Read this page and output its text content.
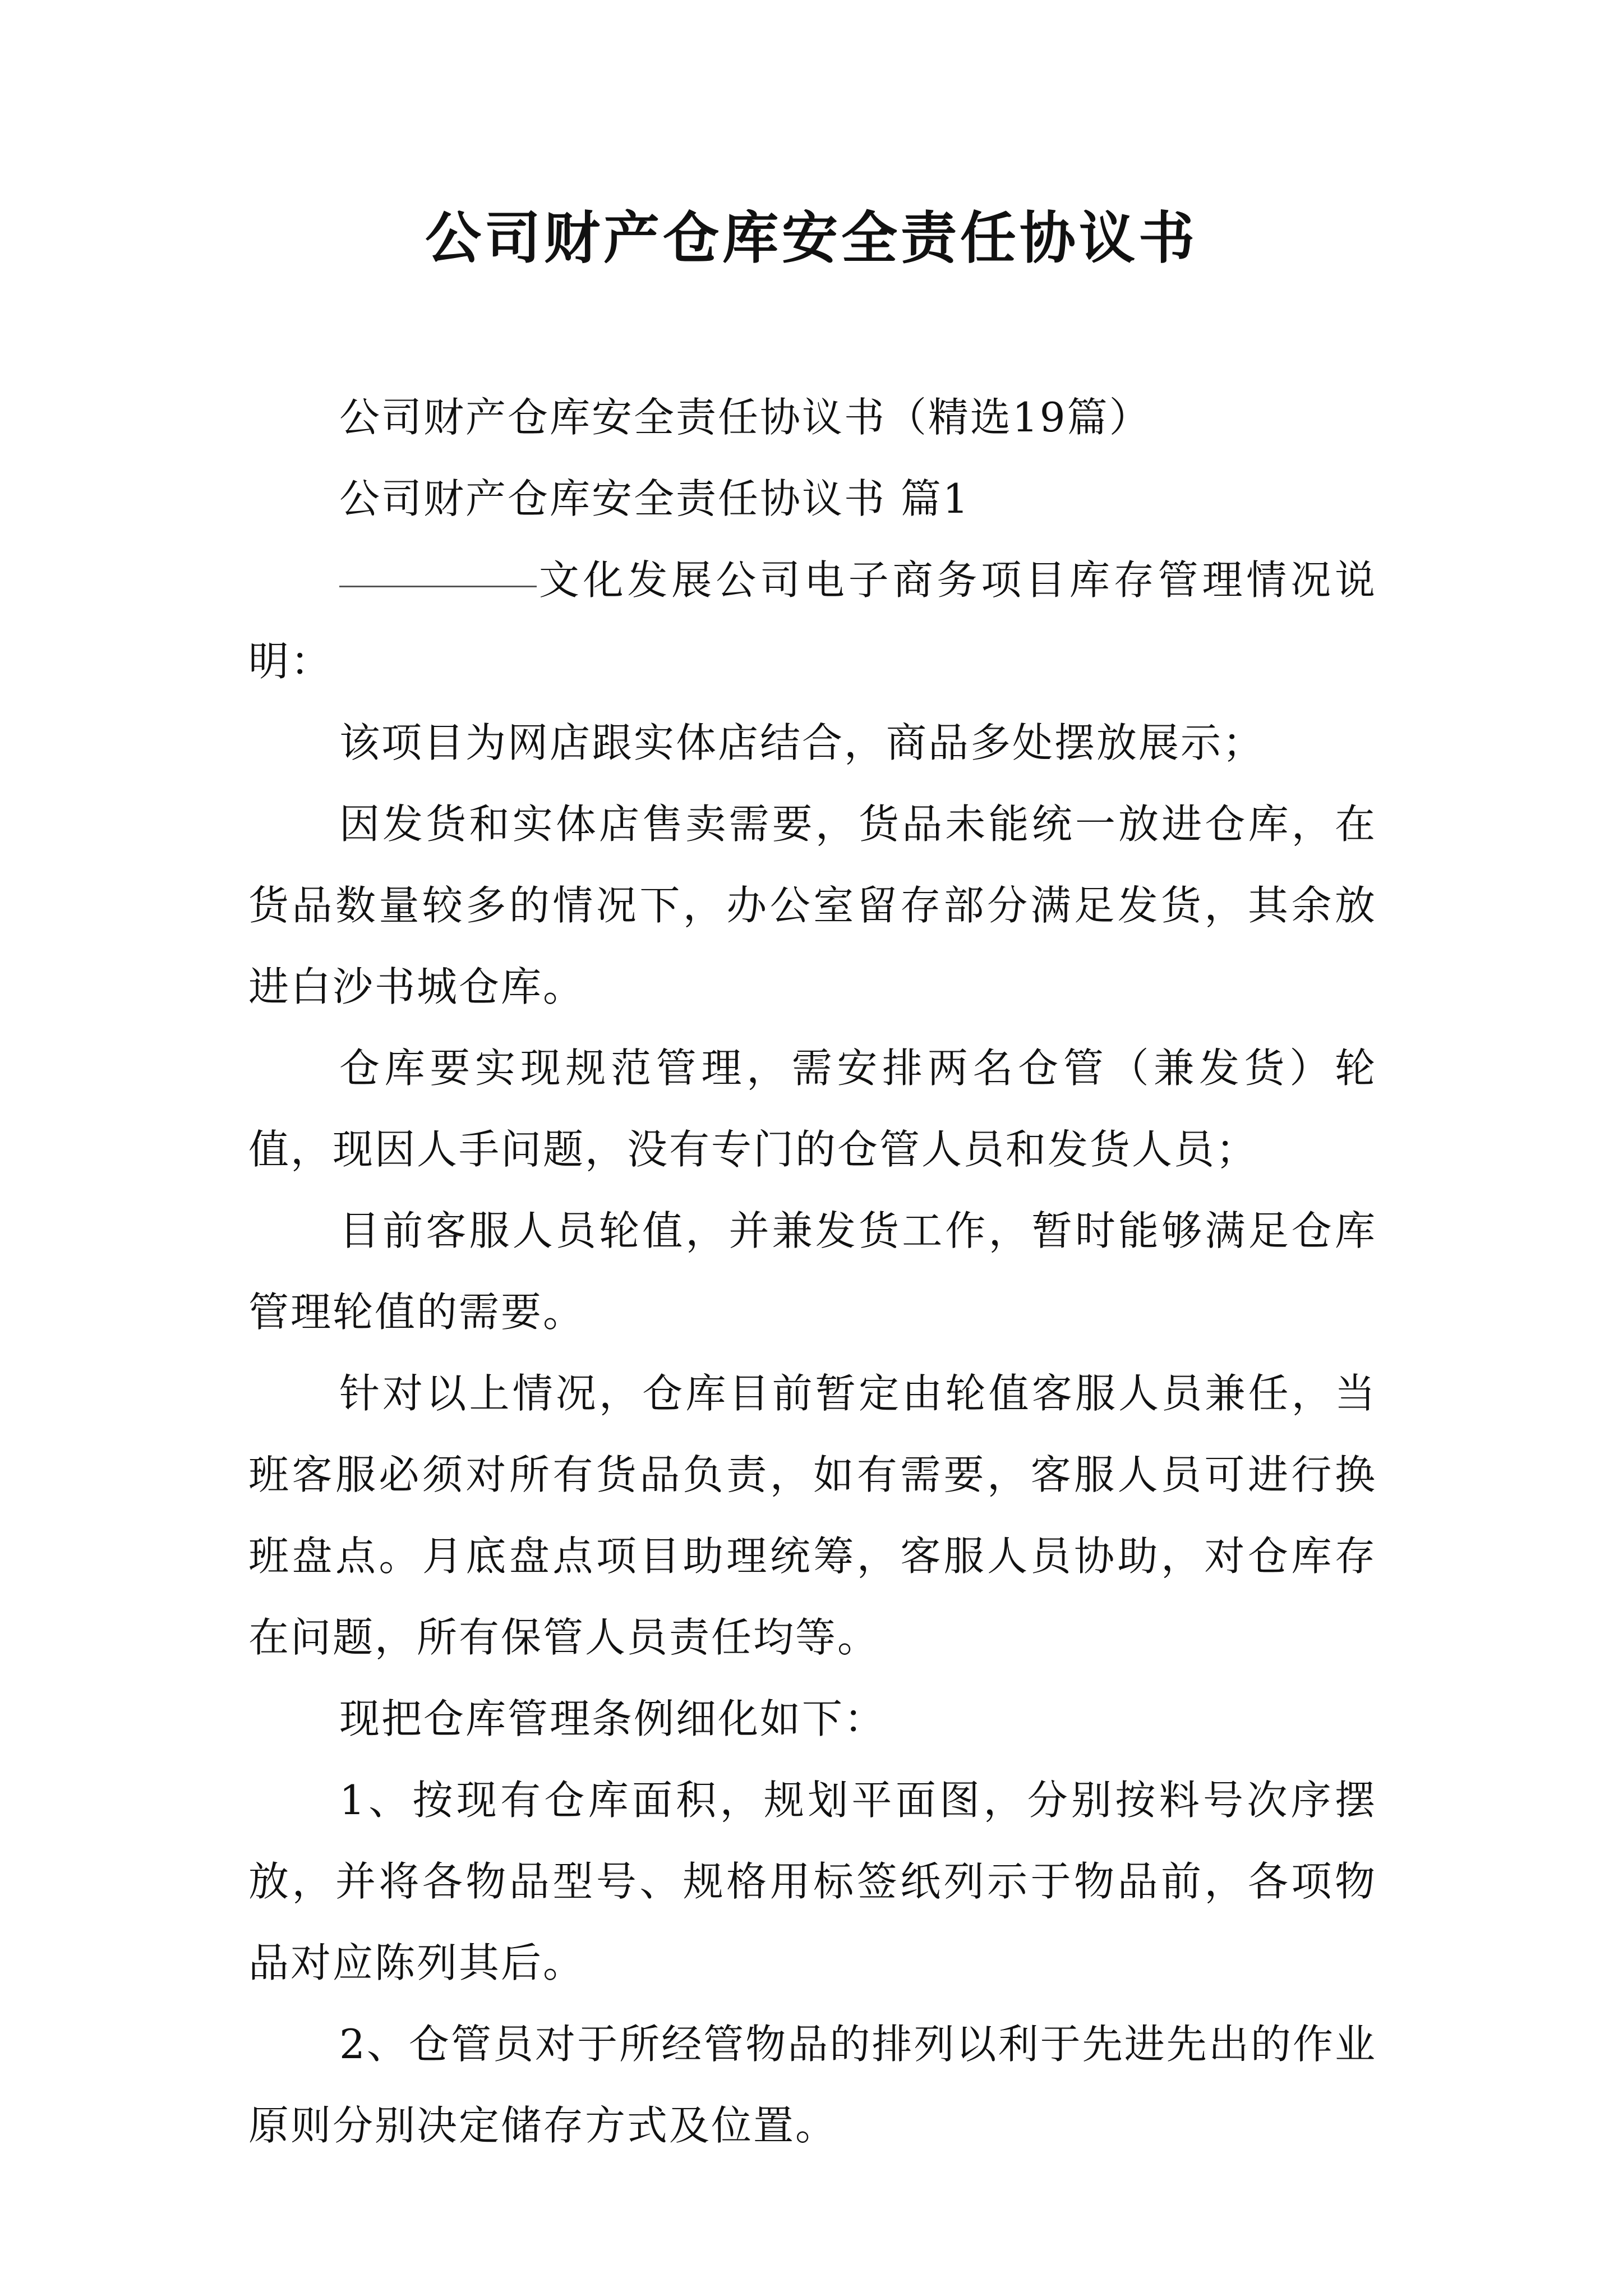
公司财产仓库安全责任协议书

公司财产仓库安全责任协议书（精选19篇）

公司财产仓库安全责任协议书 篇1

文化发展公司电子商务项目库存管理情况说明：

该项目为网店跟实体店结合，商品多处摆放展示；

因发货和实体店售卖需要，货品未能统一放进仓库，在货品数量较多的情况下，办公室留存部分满足发货，其余放进白沙书城仓库。

仓库要实现规范管理，需安排两名仓管（兼发货）轮值，现因人手问题，没有专门的仓管人员和发货人员；

目前客服人员轮值，并兼发货工作，暂时能够满足仓库管理轮值的需要。

针对以上情况，仓库目前暂定由轮值客服人员兼任，当班客服必须对所有货品负责，如有需要，客服人员可进行换班盘点。月底盘点项目助理统筹，客服人员协助，对仓库存在问题，所有保管人员责任均等。

现把仓库管理条例细化如下：

1、按现有仓库面积，规划平面图，分别按料号次序摆放，并将各物品型号、规格用标签纸列示于物品前，各项物品对应陈列其后。

2、仓管员对于所经管物品的排列以利于先进先出的作业原则分别决定储存方式及位置。
